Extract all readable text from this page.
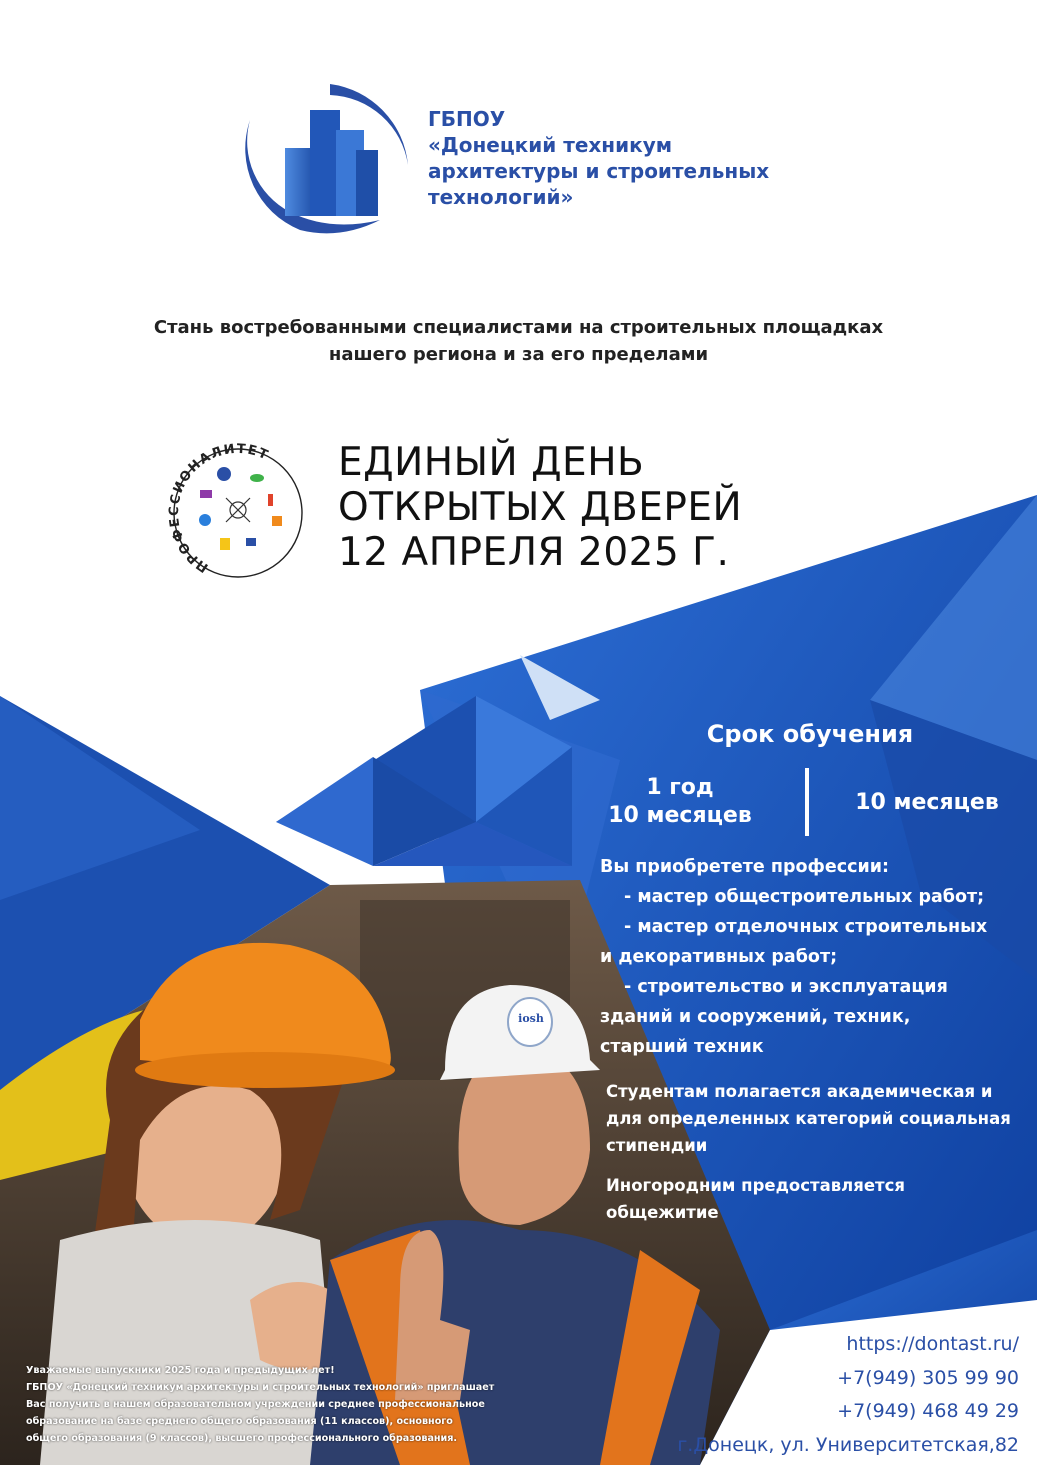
ГБПОУ
«Донецкий техникум
архитектуры и строительных
технологий»
Стань востребованными специалистами на строительных площадках
нашего региона и за его пределами
ПРОФЕССИОНАЛИТЕТ ЕДИНЫЙ ДЕНЬ
ОТКРЫТЫХ ДВЕРЕЙ
12 АПРЕЛЯ 2025 Г.
Срок обучения
1 год
10 месяцев
10 месяцев
Вы приобретете профессии:
- мастер общестроительных работ;
- мастер отделочных строительных
и декоративных работ;
- строительство и эксплуатация
зданий и сооружений, техник,
старший техник
Студентам полагается академическая и
для определенных категорий социальная
стипендии
Иногородним предоставляется
общежитие
iosh
https://dontast.ru/
+7(949) 305 99 90
+7(949) 468 49 29
г.Донецк, ул. Университетская,82
Уважаемые выпускники 2025 года и предыдущих лет!
ГБПОУ «Донецкий техникум архитектуры и строительных технологий» приглашает
Вас получить в нашем образовательном учреждении среднее профессиональное
образование на базе среднего общего образования (11 классов), основного
общего образования (9 классов), высшего профессионального образования.
